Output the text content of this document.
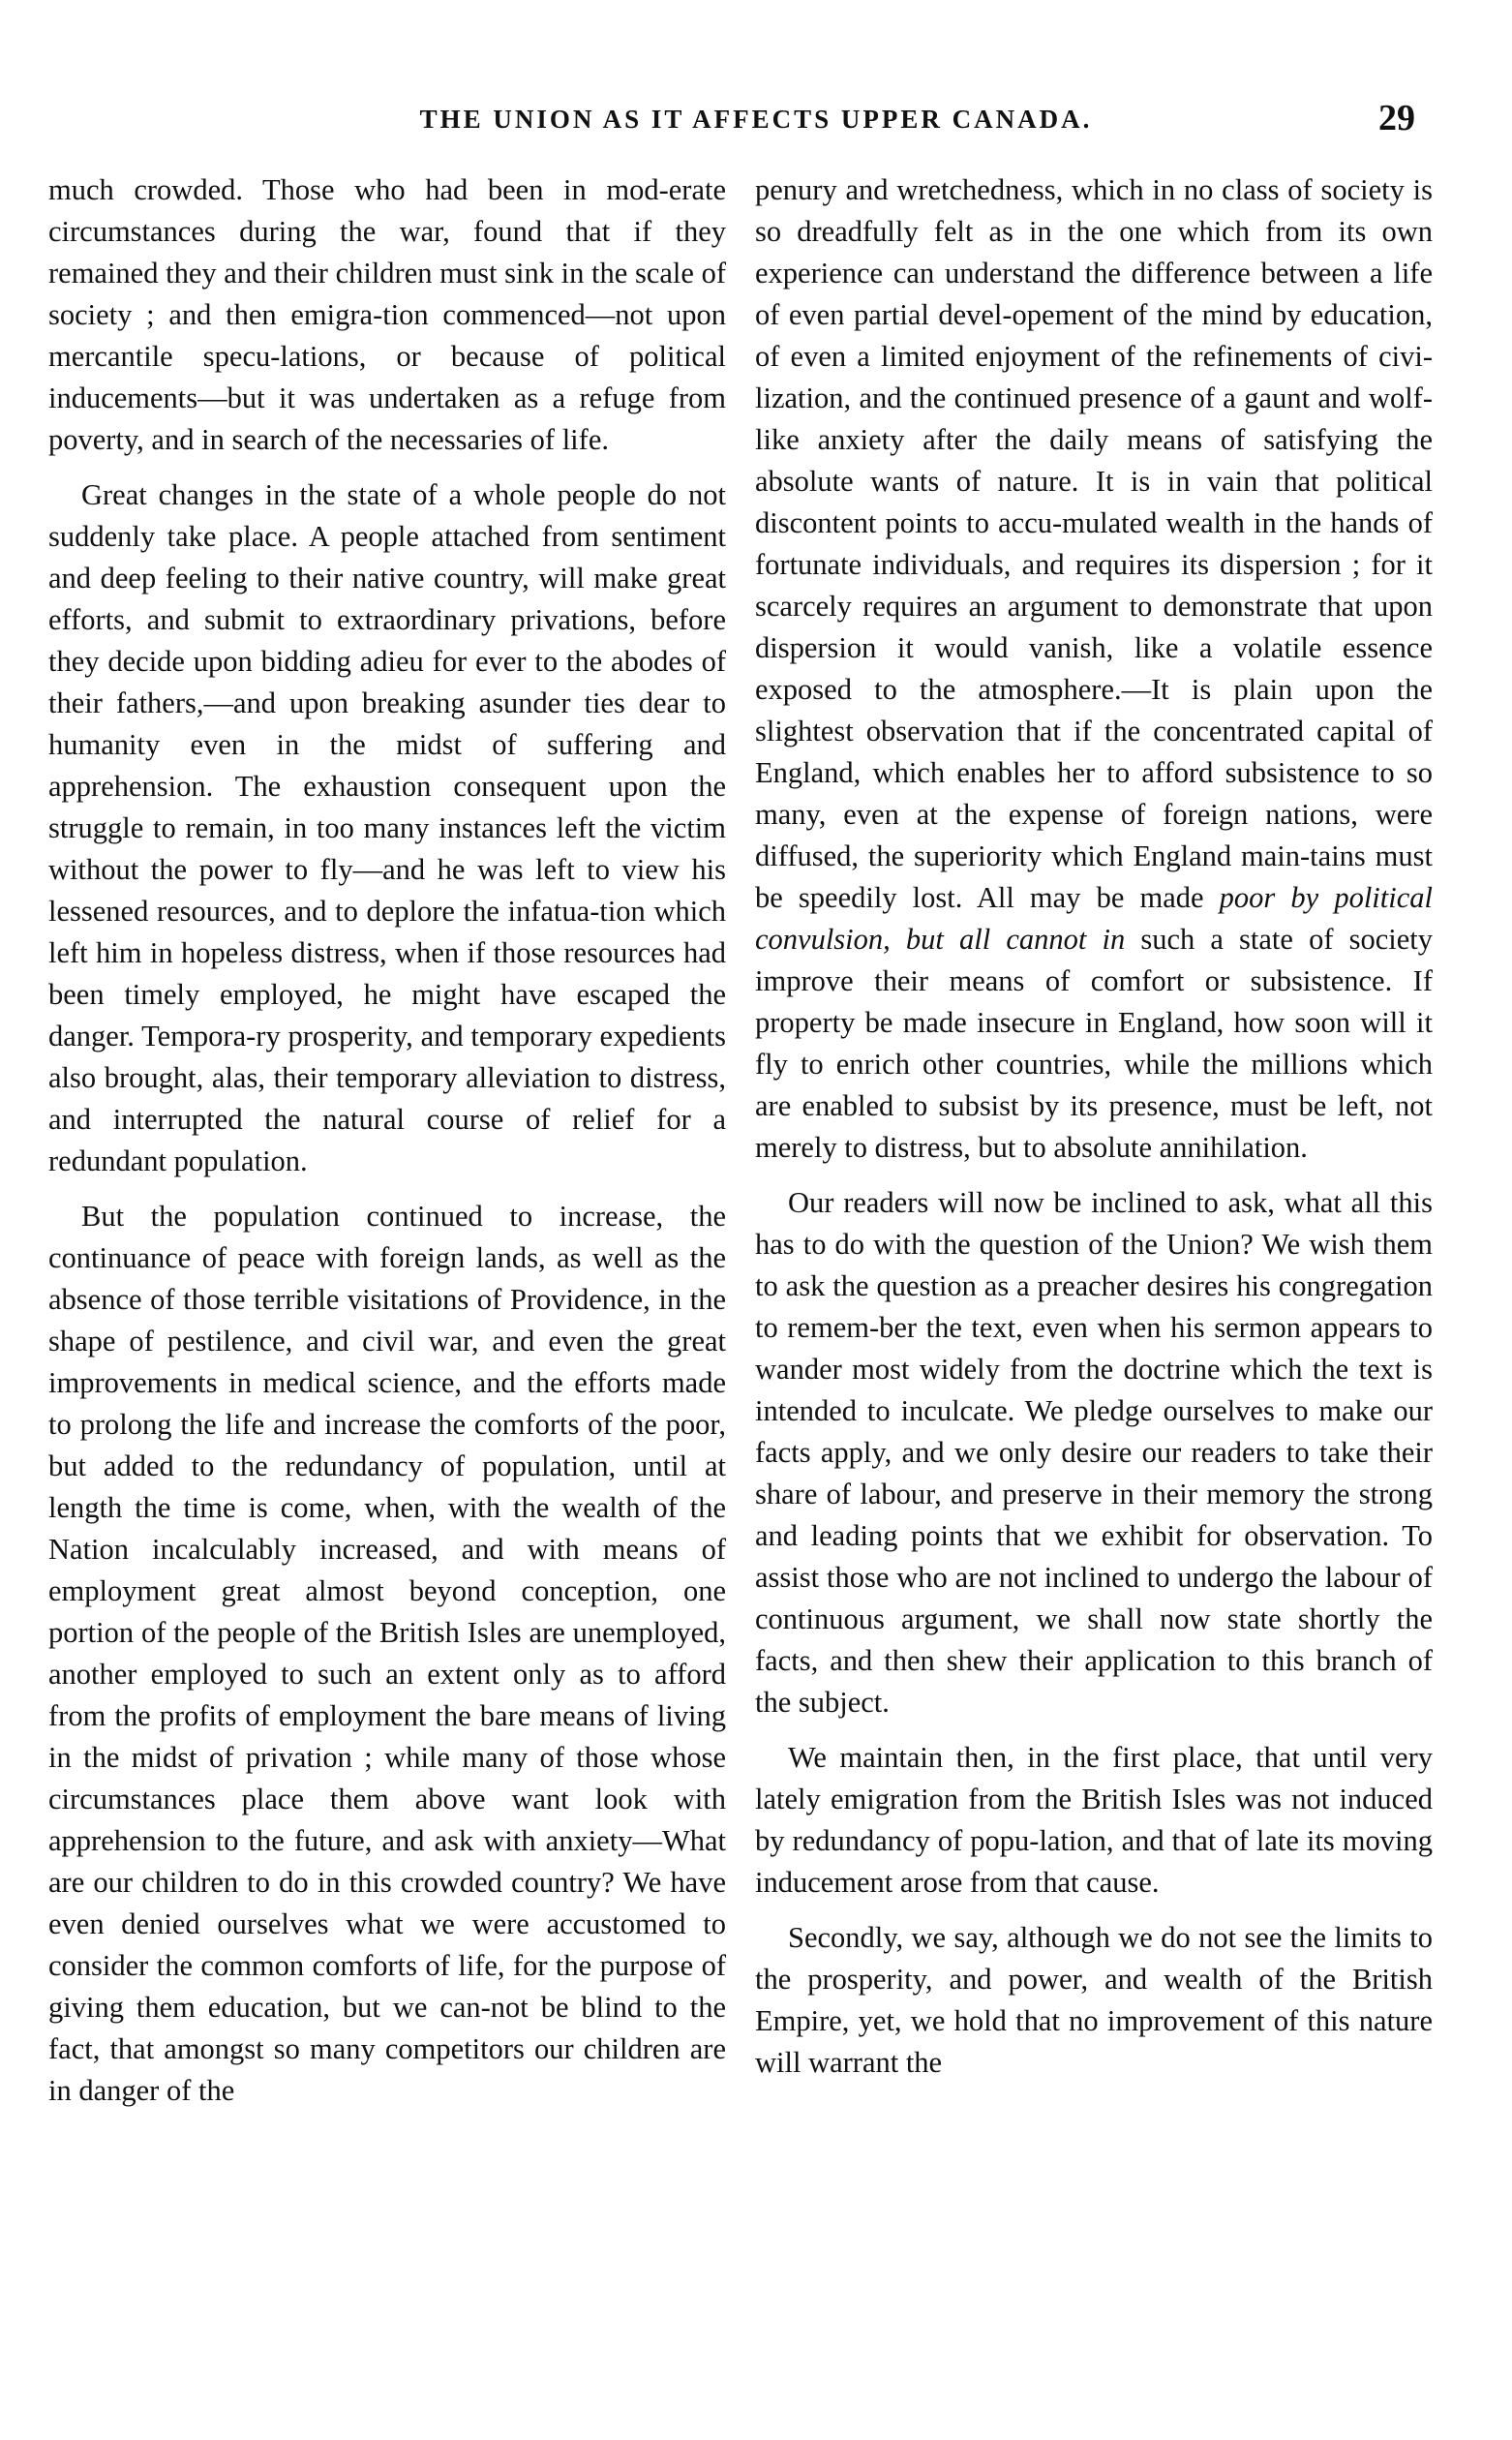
THE UNION AS IT AFFECTS UPPER CANADA.	29

much crowded. Those who had been in mod-erate circumstances during the war, found that if they remained they and their children must sink in the scale of society ; and then emigra-tion commenced—not upon mercantile specu-lations, or because of political inducements—but it was undertaken as a refuge from poverty, and in search of the necessaries of life.

Great changes in the state of a whole people do not suddenly take place. A people attached from sentiment and deep feeling to their native country, will make great efforts, and submit to extraordinary privations, before they decide upon bidding adieu for ever to the abodes of their fathers,—and upon breaking asunder ties dear to humanity even in the midst of suffering and apprehension. The exhaustion consequent upon the struggle to remain, in too many instances left the victim without the power to fly—and he was left to view his lessened resources, and to deplore the infatua-tion which left him in hopeless distress, when if those resources had been timely employed, he might have escaped the danger. Tempora-ry prosperity, and temporary expedients also brought, alas, their temporary alleviation to distress, and interrupted the natural course of relief for a redundant population.

But the population continued to increase, the continuance of peace with foreign lands, as well as the absence of those terrible visitations of Providence, in the shape of pestilence, and civil war, and even the great improvements in medical science, and the efforts made to prolong the life and increase the comforts of the poor, but added to the redundancy of population, until at length the time is come, when, with the wealth of the Nation incalculably increased, and with means of employment great almost beyond conception, one portion of the people of the British Isles are unemployed, another employed to such an extent only as to afford from the profits of employment the bare means of living in the midst of privation ; while many of those whose circumstances place them above want look with apprehension to the future, and ask with anxiety—What are our children to do in this crowded country? We have even denied ourselves what we were accustomed to consider the common comforts of life, for the purpose of giving them education, but we can-not be blind to the fact, that amongst so many competitors our children are in danger of the

penury and wretchedness, which in no class of society is so dreadfully felt as in the one which from its own experience can understand the difference between a life of even partial devel-opement of the mind by education, of even a limited enjoyment of the refinements of civi-lization, and the continued presence of a gaunt and wolf-like anxiety after the daily means of satisfying the absolute wants of nature. It is in vain that political discontent points to accu-mulated wealth in the hands of fortunate individuals, and requires its dispersion ; for it scarcely requires an argument to demonstrate that upon dispersion it would vanish, like a volatile essence exposed to the atmosphere.—It is plain upon the slightest observation that if the concentrated capital of England, which enables her to afford subsistence to so many, even at the expense of foreign nations, were diffused, the superiority which England main-tains must be speedily lost. All may be made poor by political convulsion, but all cannot in such a state of society improve their means of comfort or subsistence. If property be made insecure in England, how soon will it fly to enrich other countries, while the millions which are enabled to subsist by its presence, must be left, not merely to distress, but to absolute annihilation.

Our readers will now be inclined to ask, what all this has to do with the question of the Union? We wish them to ask the question as a preacher desires his congregation to remem-ber the text, even when his sermon appears to wander most widely from the doctrine which the text is intended to inculcate. We pledge ourselves to make our facts apply, and we only desire our readers to take their share of labour, and preserve in their memory the strong and leading points that we exhibit for observation. To assist those who are not inclined to undergo the labour of continuous argument, we shall now state shortly the facts, and then shew their application to this branch of the subject.

We maintain then, in the first place, that until very lately emigration from the British Isles was not induced by redundancy of popu-lation, and that of late its moving inducement arose from that cause.

Secondly, we say, although we do not see the limits to the prosperity, and power, and wealth of the British Empire, yet, we hold that no improvement of this nature will warrant the
